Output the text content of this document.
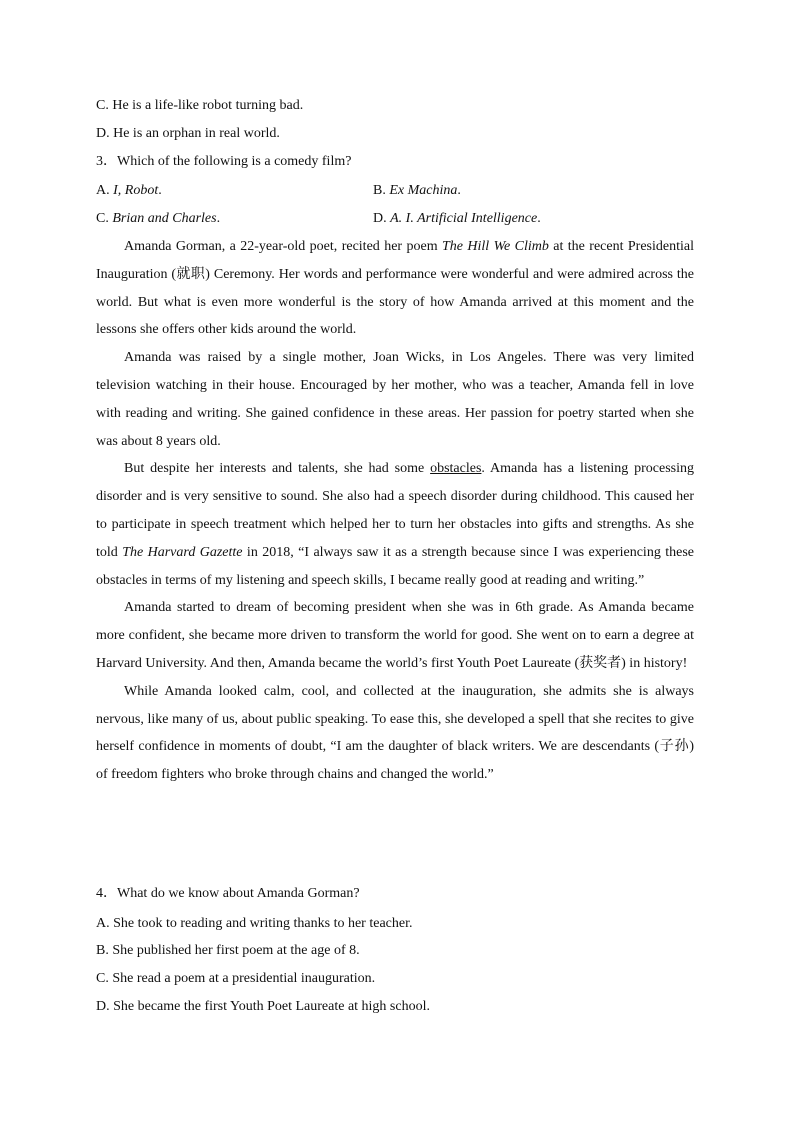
C. He is a life-like robot turning bad.
D. He is an orphan in real world.
3．Which of the following is a comedy film?
A. I, Robot.	B. Ex Machina.
C. Brian and Charles.	D. A. I. Artificial Intelligence.

Amanda Gorman, a 22-year-old poet, recited her poem The Hill We Climb at the recent Presidential Inauguration (就职) Ceremony. Her words and performance were wonderful and were admired across the world. But what is even more wonderful is the story of how Amanda arrived at this moment and the lessons she offers other kids around the world.

Amanda was raised by a single mother, Joan Wicks, in Los Angeles. There was very limited television watching in their house. Encouraged by her mother, who was a teacher, Amanda fell in love with reading and writing. She gained confidence in these areas. Her passion for poetry started when she was about 8 years old.

But despite her interests and talents, she had some obstacles. Amanda has a listening processing disorder and is very sensitive to sound. She also had a speech disorder during childhood. This caused her to participate in speech treatment which helped her to turn her obstacles into gifts and strengths. As she told The Harvard Gazette in 2018, “I always saw it as a strength because since I was experiencing these obstacles in terms of my listening and speech skills, I became really good at reading and writing.”

Amanda started to dream of becoming president when she was in 6th grade. As Amanda became more confident, she became more driven to transform the world for good. She went on to earn a degree at Harvard University. And then, Amanda became the world’s first Youth Poet Laureate (获奖者) in history!

While Amanda looked calm, cool, and collected at the inauguration, she admits she is always nervous, like many of us, about public speaking. To ease this, she developed a spell that she recites to give herself confidence in moments of doubt, “I am the daughter of black writers. We are descendants (子孙) of freedom fighters who broke through chains and changed the world.”

4．What do we know about Amanda Gorman?
A. She took to reading and writing thanks to her teacher.
B. She published her first poem at the age of 8.
C. She read a poem at a presidential inauguration.
D. She became the first Youth Poet Laureate at high school.
